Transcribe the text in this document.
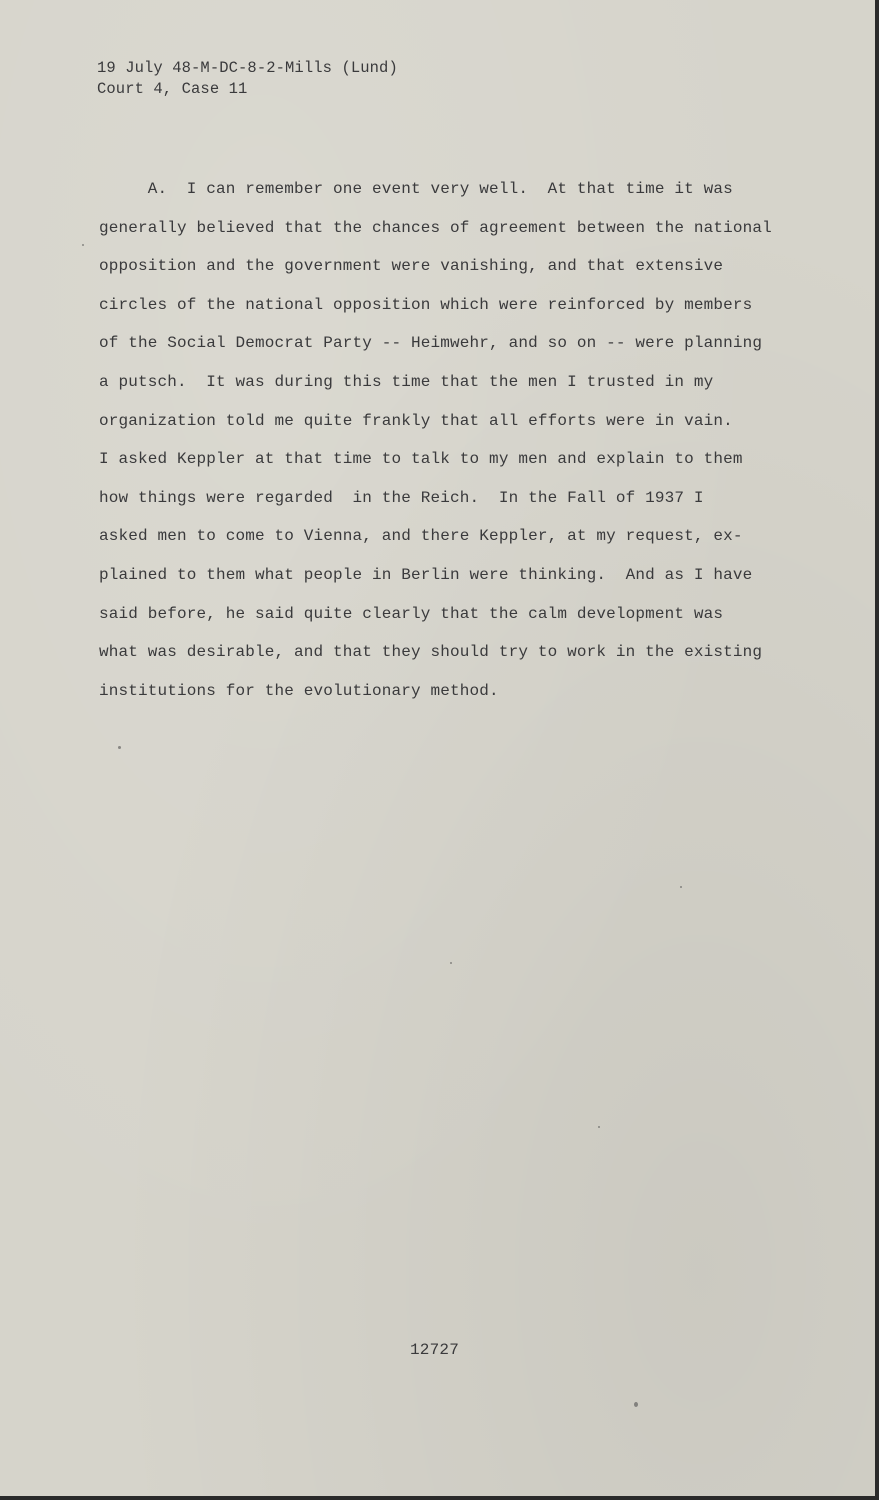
19 July 48-M-DC-8-2-Mills (Lund)
Court 4, Case 11
A.  I can remember one event very well.  At that time it was
generally believed that the chances of agreement between the national
opposition and the government were vanishing, and that extensive
circles of the national opposition which were reinforced by members
of the Social Democrat Party -- Heimwehr, and so on -- were planning
a putsch.  It was during this time that the men I trusted in my
organization told me quite frankly that all efforts were in vain.
I asked Keppler at that time to talk to my men and explain to them
how things were regarded  in the Reich.  In the Fall of 1937 I
asked men to come to Vienna, and there Keppler, at my request, ex-
plained to them what people in Berlin were thinking.  And as I have
said before, he said quite clearly that the calm development was
what was desirable, and that they should try to work in the existing
institutions for the evolutionary method.
12727
